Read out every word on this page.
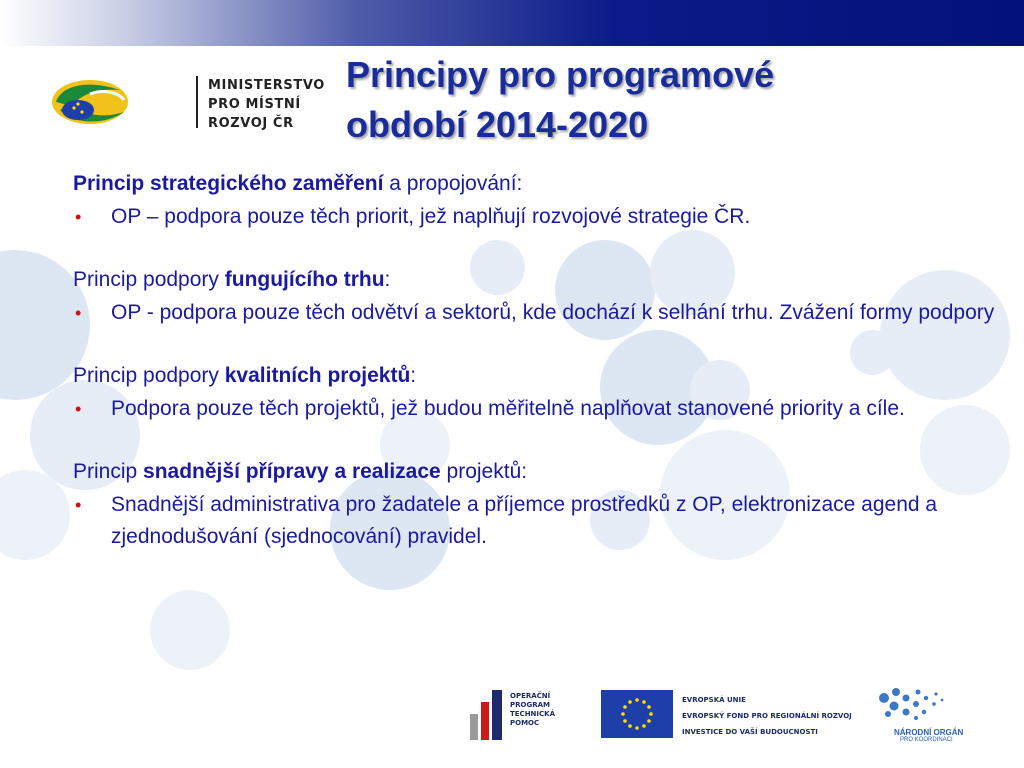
MINISTERSTVO
PRO MÍSTNÍ
ROZVOJ ČR
Principy pro programové
období 2014-2020
Princip strategického zaměření a propojování:
• OP – podpora pouze těch priorit, jež naplňují rozvojové strategie ČR.
Princip podpory fungujícího trhu:
• OP - podpora pouze těch odvětví a sektorů, kde dochází k selhání trhu. Zvážení formy podpory
Princip podpory kvalitních projektů:
• Podpora pouze těch projektů, jež budou měřitelně naplňovat stanovené priority a cíle.
Princip snadnější přípravy a realizace projektů:
• Snadnější administrativa pro žadatele a příjemce prostředků z OP, elektronizace agend a zjednodušování (sjednocování) pravidel.
OPERAČNÍ
PROGRAM
TECHNICKÁ
POMOC
EVROPSKÁ UNIE
EVROPSKÝ FOND PRO REGIONÁLNÍ ROZVOJ
INVESTICE DO VAŠÍ BUDOUCNOSTI	NÁRODNÍ ORGÁN
PRO KOORDINACI
